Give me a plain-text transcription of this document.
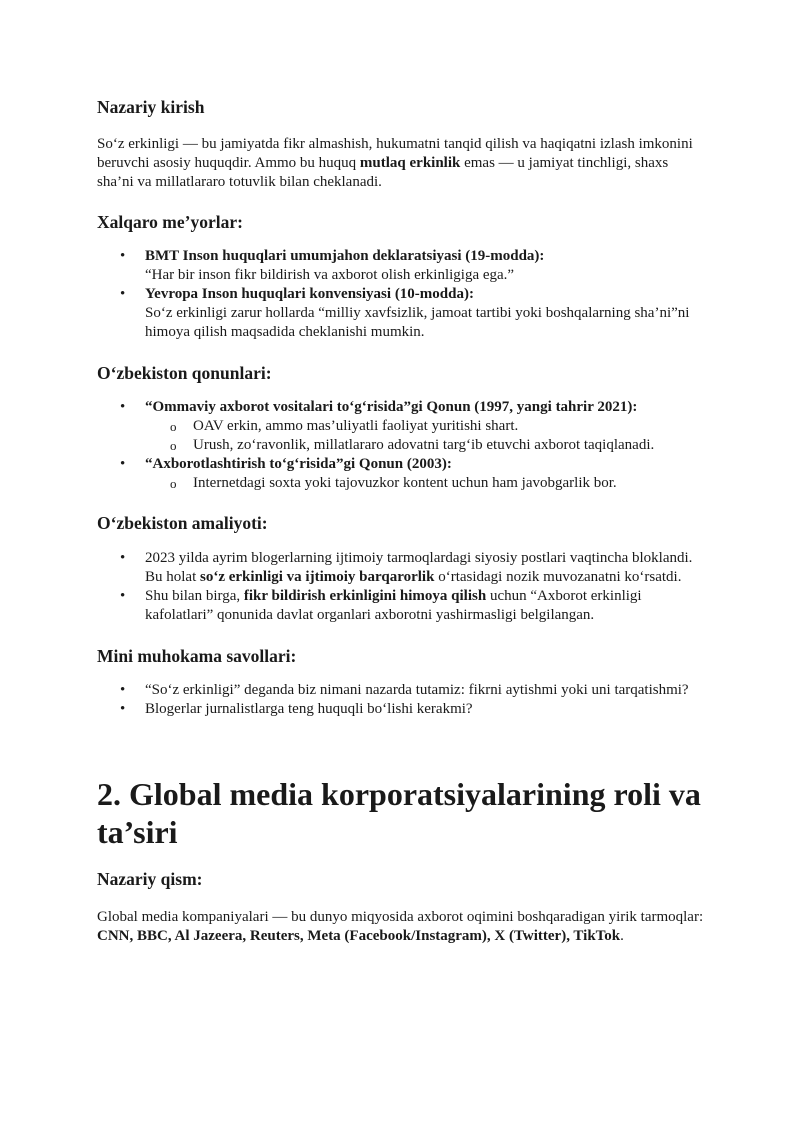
Nazariy kirish

So‘z erkinligi — bu jamiyatda fikr almashish, hukumatni tanqid qilish va haqiqatni izlash imkonini beruvchi asosiy huquqdir. Ammo bu huquq mutlaq erkinlik emas — u jamiyat tinchligi, shaxs sha’ni va millatlararo totuvlik bilan cheklanadi.

Xalqaro me’yorlar:
• BMT Inson huquqlari umumjahon deklaratsiyasi (19-modda):
“Har bir inson fikr bildirish va axborot olish erkinligiga ega.”
• Yevropa Inson huquqlari konvensiyasi (10-modda):
So‘z erkinligi zarur hollarda “milliy xavfsizlik, jamoat tartibi yoki boshqalarning sha’ni”ni himoya qilish maqsadida cheklanishi mumkin.
O‘zbekiston qonunlari:
• “Ommaviy axborot vositalari to‘g‘risida”gi Qonun (1997, yangi tahrir 2021):
o OAV erkin, ammo mas’uliyatli faoliyat yuritishi shart.
o Urush, zo‘ravonlik, millatlararo adovatni targ‘ib etuvchi axborot taqiqlanadi.
• “Axborotlashtirish to‘g‘risida”gi Qonun (2003):
o Internetdagi soxta yoki tajovuzkor kontent uchun ham javobgarlik bor.
O‘zbekiston amaliyoti:
• 2023 yilda ayrim blogerlarning ijtimoiy tarmoqlardagi siyosiy postlari vaqtincha bloklandi. Bu holat so‘z erkinligi va ijtimoiy barqarorlik o‘rtasidagi nozik muvozanatni ko‘rsatdi.
• Shu bilan birga, fikr bildirish erkinligini himoya qilish uchun “Axborot erkinligi kafolatlari” qonunida davlat organlari axborotni yashirmasligi belgilangan.
Mini muhokama savollari:
• “So‘z erkinligi” deganda biz nimani nazarda tutamiz: fikrni aytishmi yoki uni tarqatishmi?
• Blogerlar jurnalistlarga teng huquqli bo‘lishi kerakmi?
2. Global media korporatsiyalarining roli va ta’siri
Nazariy qism:

Global media kompaniyalari — bu dunyo miqyosida axborot oqimini boshqaradigan yirik tarmoqlar:
CNN, BBC, Al Jazeera, Reuters, Meta (Facebook/Instagram), X (Twitter), TikTok.
